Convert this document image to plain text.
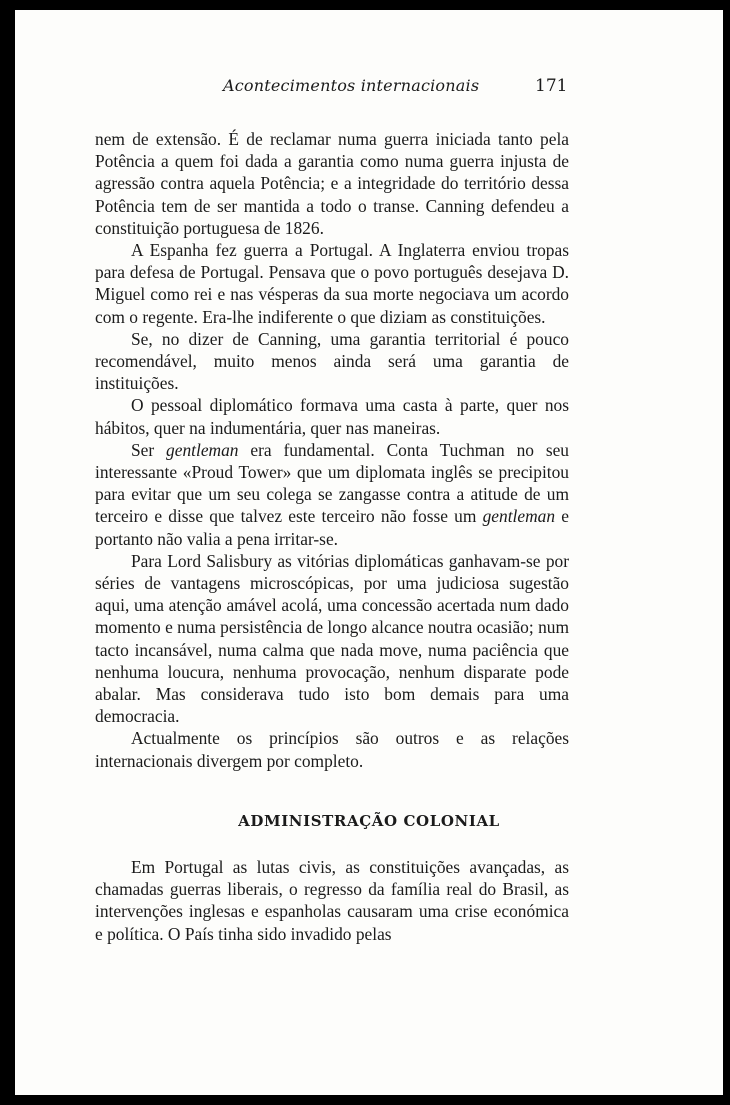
Acontecimentos internacionais	171

nem de extensão. É de reclamar numa guerra iniciada tanto pela Potência a quem foi dada a garantia como numa guerra injusta de agressão contra aquela Potência; e a integridade do território dessa Potência tem de ser mantida a todo o transe. Canning defendeu a constituição portuguesa de 1826.

A Espanha fez guerra a Portugal. A Inglaterra enviou tropas para defesa de Portugal. Pensava que o povo português desejava D. Miguel como rei e nas vésperas da sua morte negociava um acordo com o regente. Era-lhe indiferente o que diziam as constituições.

Se, no dizer de Canning, uma garantia territorial é pouco recomendável, muito menos ainda será uma garantia de instituições.

O pessoal diplomático formava uma casta à parte, quer nos hábitos, quer na indumentária, quer nas maneiras.

Ser gentleman era fundamental. Conta Tuchman no seu interessante «Proud Tower» que um diplomata inglês se precipitou para evitar que um seu colega se zangasse contra a atitude de um terceiro e disse que talvez este terceiro não fosse um gentleman e portanto não valia a pena irritar-se.

Para Lord Salisbury as vitórias diplomáticas ganhavam-se por séries de vantagens microscópicas, por uma judiciosa sugestão aqui, uma atenção amável acolá, uma concessão acertada num dado momento e numa persistência de longo alcance noutra ocasião; num tacto incansável, numa calma que nada move, numa paciência que nenhuma loucura, nenhuma provocação, nenhum disparate pode abalar. Mas considerava tudo isto bom demais para uma democracia.

Actualmente os princípios são outros e as relações internacionais divergem por completo.

ADMINISTRAÇÃO COLONIAL

Em Portugal as lutas civis, as constituições avançadas, as chamadas guerras liberais, o regresso da família real do Brasil, as intervenções inglesas e espanholas causaram uma crise económica e política. O País tinha sido invadido pelas
